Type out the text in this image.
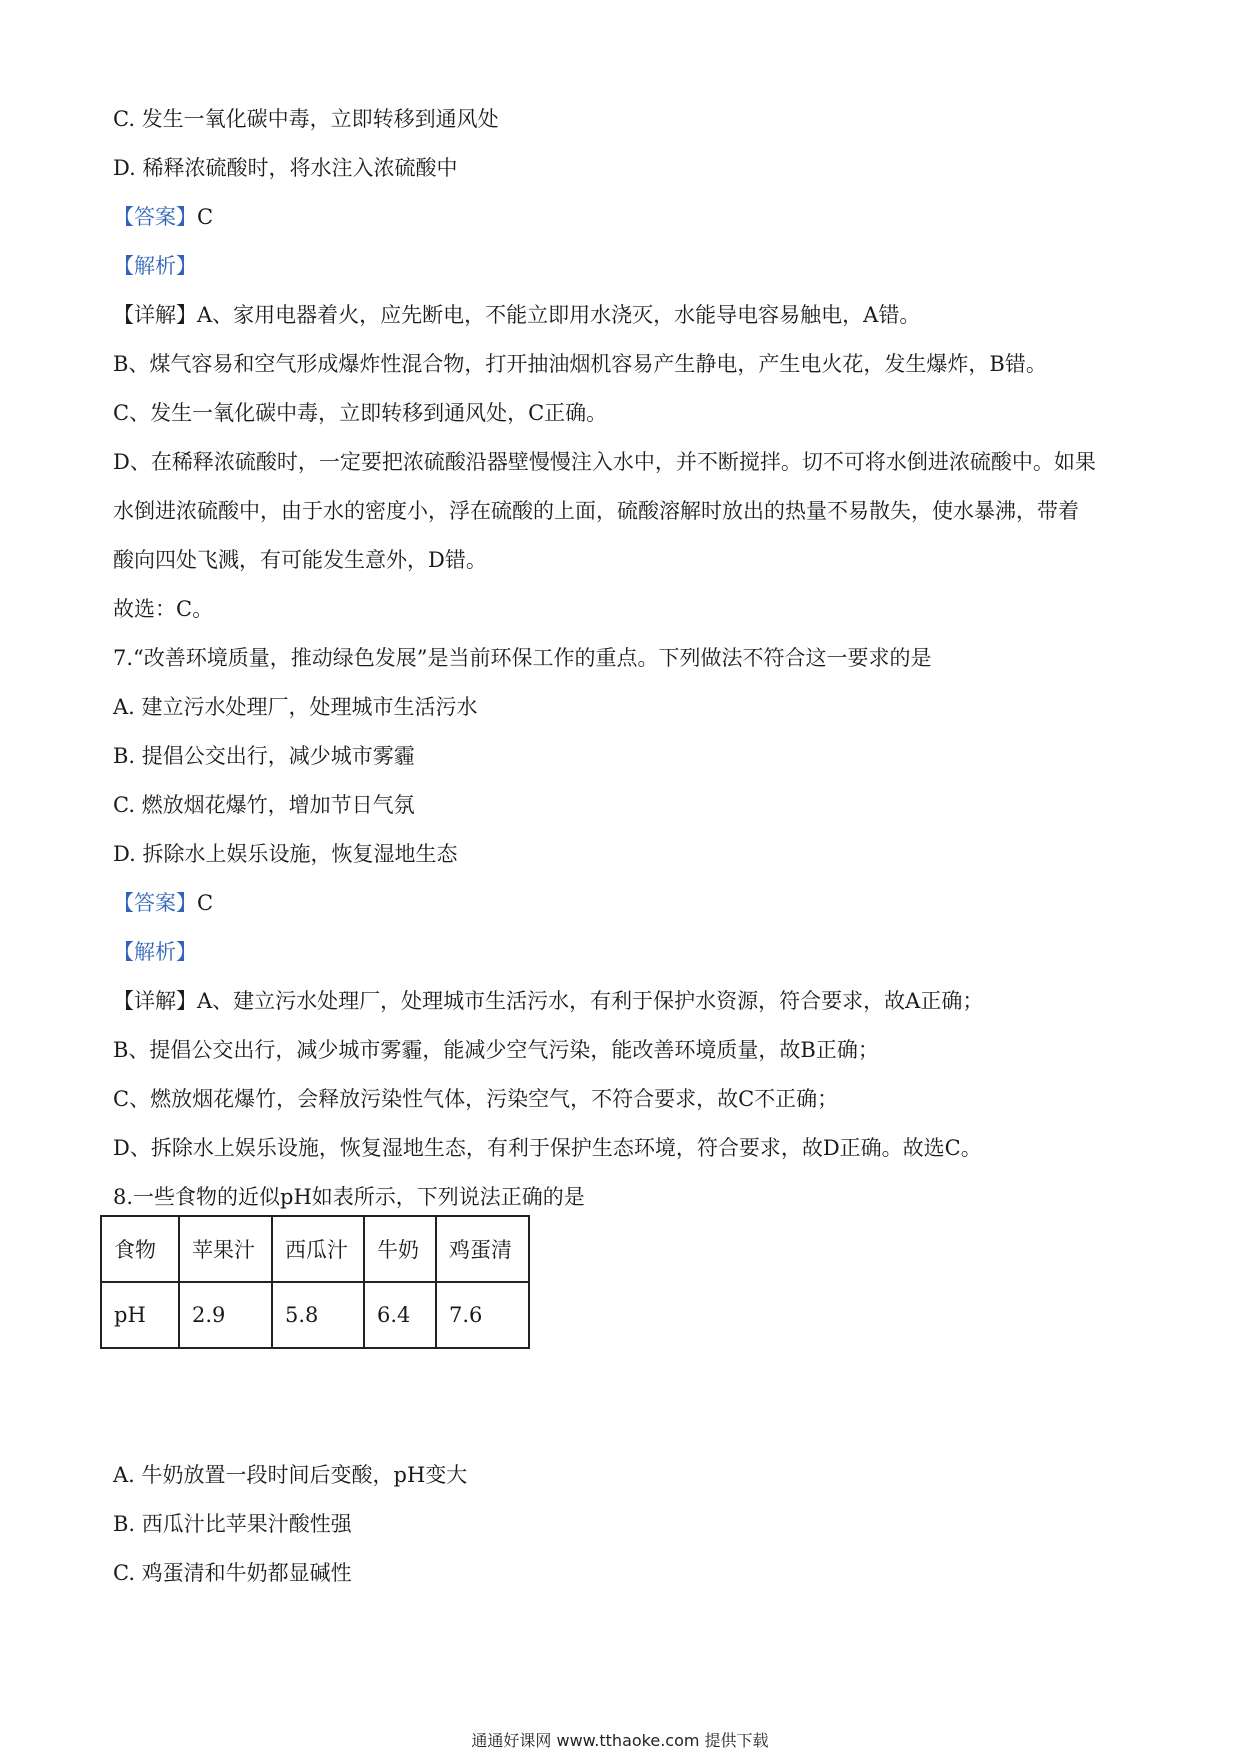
C. 发生一氧化碳中毒，立即转移到通风处
D. 稀释浓硫酸时，将水注入浓硫酸中
【答案】C
【解析】
【详解】A、家用电器着火，应先断电，不能立即用水浇灭，水能导电容易触电，A错。
B、煤气容易和空气形成爆炸性混合物，打开抽油烟机容易产生静电，产生电火花，发生爆炸，B错。
C、发生一氧化碳中毒，立即转移到通风处，C正确。
D、在稀释浓硫酸时，一定要把浓硫酸沿器壁慢慢注入水中，并不断搅拌。切不可将水倒进浓硫酸中。如果
水倒进浓硫酸中，由于水的密度小，浮在硫酸的上面，硫酸溶解时放出的热量不易散失，使水暴沸，带着
酸向四处飞溅，有可能发生意外，D错。
故选：C。
7.“改善环境质量，推动绿色发展”是当前环保工作的重点。下列做法不符合这一要求的是
A. 建立污水处理厂，处理城市生活污水
B. 提倡公交出行，减少城市雾霾
C. 燃放烟花爆竹，增加节日气氛
D. 拆除水上娱乐设施，恢复湿地生态
【答案】C
【解析】
【详解】A、建立污水处理厂，处理城市生活污水，有利于保护水资源，符合要求，故A正确；
B、提倡公交出行，减少城市雾霾，能减少空气污染，能改善环境质量，故B正确；
C、燃放烟花爆竹，会释放污染性气体，污染空气，不符合要求，故C不正确；
D、拆除水上娱乐设施，恢复湿地生态，有利于保护生态环境，符合要求，故D正确。故选C。
8.一些食物的近似pH如表所示，下列说法正确的是
食物	苹果汁	西瓜汁	牛奶	鸡蛋清
pH	2.9	5.8	6.4	7.6
A. 牛奶放置一段时间后变酸，pH变大
B. 西瓜汁比苹果汁酸性强
C. 鸡蛋清和牛奶都显碱性
通通好课网 www.tthaoke.com 提供下载
